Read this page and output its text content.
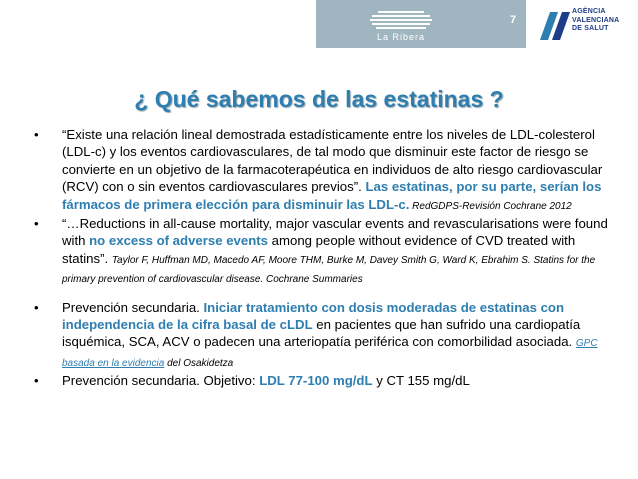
La Ribera
7
AGÈNCIA
VALENCIANA
DE SALUT
¿ Qué sabemos de las estatinas ?
• “Existe una relación lineal demostrada estadísticamente entre los niveles de LDL-colesterol (LDL-c) y los eventos cardiovasculares, de tal modo que disminuir este factor de riesgo se convierte en un objetivo de la farmacoterapéutica en individuos de alto riesgo cardiovascular (RCV) con o sin eventos cardiovasculares previos”. Las estatinas, por su parte, serían los fármacos de primera elección para disminuir las LDL-c. RedGDPS-Revisión Cochrane 2012
• “…Reductions in all-cause mortality, major vascular events and revascularisations were found with no excess of adverse events among people without evidence of CVD treated with statins”. Taylor F, Huffman MD, Macedo AF, Moore THM, Burke M, Davey Smith G, Ward K, Ebrahim S. Statins for the primary prevention of cardiovascular disease. Cochrane Summaries
• Prevención secundaria. Iniciar tratamiento con dosis moderadas de estatinas con independencia de la cifra basal de cLDL en pacientes que han sufrido una cardiopatía isquémica, SCA, ACV o padecen una arteriopatía periférica con comorbilidad asociada. GPC basada en la evidencia del Osakidetza
• Prevención secundaria. Objetivo: LDL 77-100 mg/dL y CT 155 mg/dL
